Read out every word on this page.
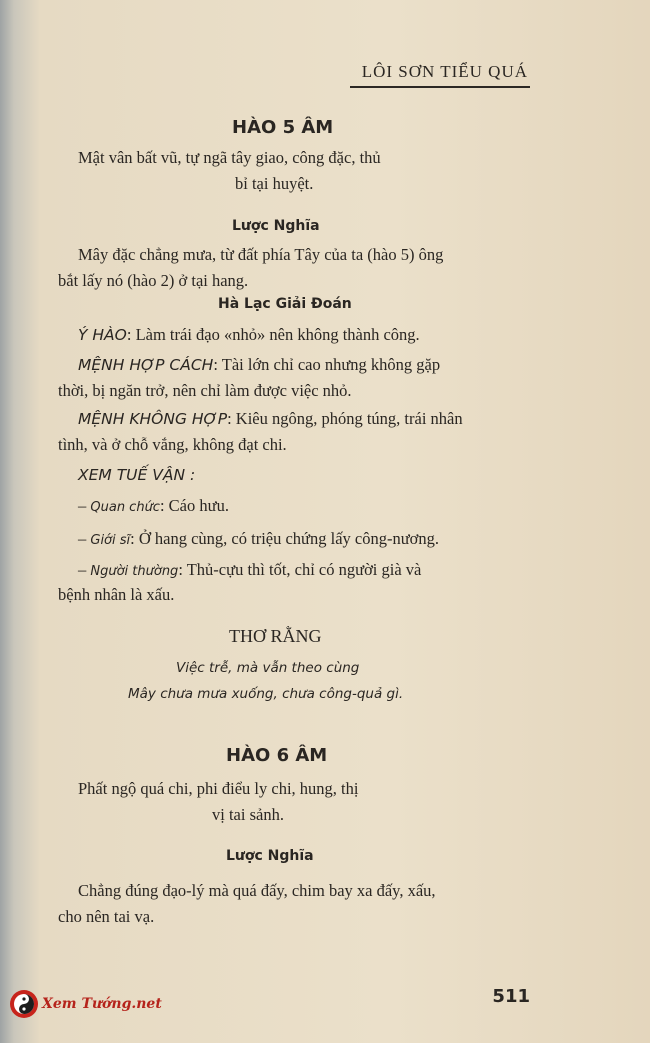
LÔI SƠN TIỂU QUÁ
HÀO 5 ÂM
Mật vân bất vũ, tự ngã tây giao, công đặc, thủ
bỉ tại huyệt.
Lược Nghĩa
Mây đặc chẳng mưa, từ đất phía Tây của ta (hào 5) ông
bắt lấy nó (hào 2) ở tại hang.
Hà Lạc Giải Đoán
Ý HÀO: Làm trái đạo «nhỏ» nên không thành công.
MỆNH HỢP CÁCH: Tài lớn chỉ cao nhưng không gặp
thời, bị ngăn trở, nên chỉ làm được việc nhỏ.
MỆNH KHÔNG HỢP: Kiêu ngông, phóng túng, trái nhân
tình, và ở chỗ vắng, không đạt chi.
XEM TUẾ VẬN :
– Quan chức: Cáo hưu.
– Giới sĩ: Ở hang cùng, có triệu chứng lấy công-nương.
– Người thường: Thủ-cựu thì tốt, chỉ có người già và
bệnh nhân là xấu.
THƠ RẰNG
Việc trễ, mà vẫn theo cùng
Mây chưa mưa xuống, chưa công-quả gì.
HÀO 6 ÂM
Phất ngộ quá chi, phi điểu ly chi, hung, thị
vị tai sảnh.
Lược Nghĩa
Chẳng đúng đạo-lý mà quá đấy, chim bay xa đấy, xấu,
cho nên tai vạ.
511
Xem Tướng.net
